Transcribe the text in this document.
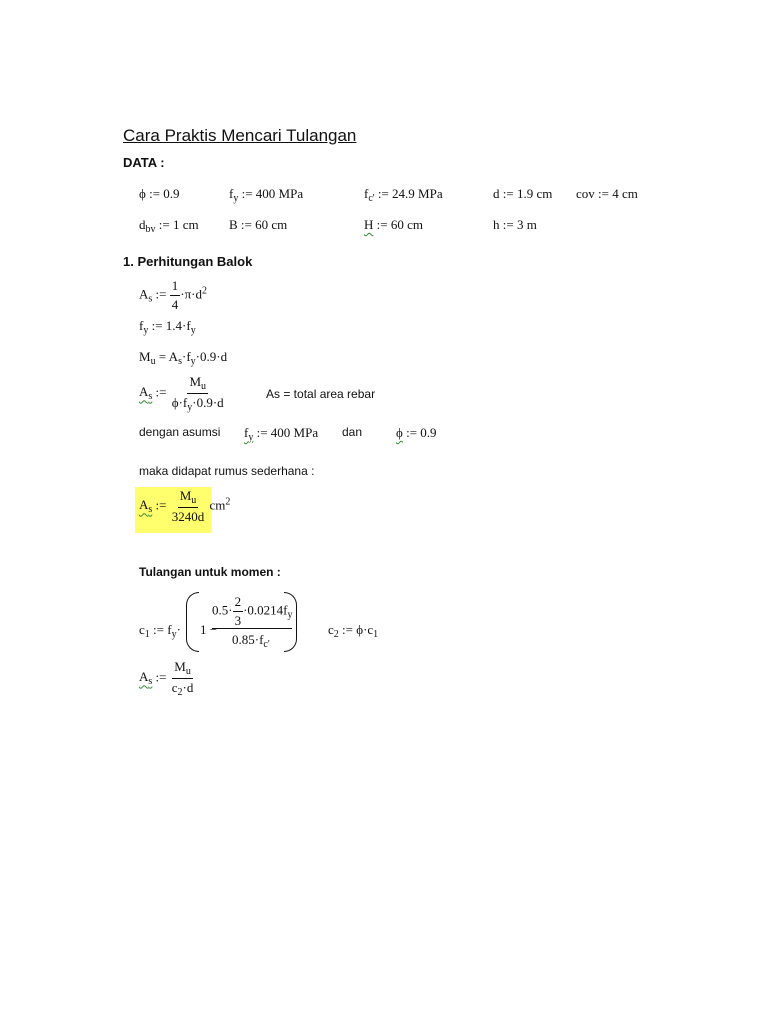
Cara Praktis Mencari Tulangan
DATA :
ϕ := 0.9	$f_y$ := 400 MPa	$f_{c'}$ := 24.9 MPa	d := 1.9 cm cov := 4 cm
$d_{bv}$ := 1 cm B := 60 cm	H := 60 cm	h := 3 m
1. Perhitungan Balok
$A_s$ := $\frac{1}{4} \cdot\pi\cdot d^2$
$f_y$ := $1.4\cdot f_y$
$M_u = A_s\cdot f_y\cdot 0.9\cdot d$
$A_s$ := $\frac{M_u}{\phi\cdot f_y\cdot 0.9\cdot d}$	As = total area rebar
dengan asumsi $f_y$ := 400 MPa dan	ϕ := 0.9
maka didapat rumus sederhana :
$A_s$ := $\frac{M_u}{3240d} cm^2$
Tulangan untuk momen :
$c_1$ := $f_y\cdot 1$ −
$0.5\cdot \frac{2}{3} \cdot 0.0214f_y$
$0.85\cdot f_{c'}$
$c_2$ := $\phi\cdot c_1$
$A_s$ := $\frac{M_u}{c_2\cdot d}$
